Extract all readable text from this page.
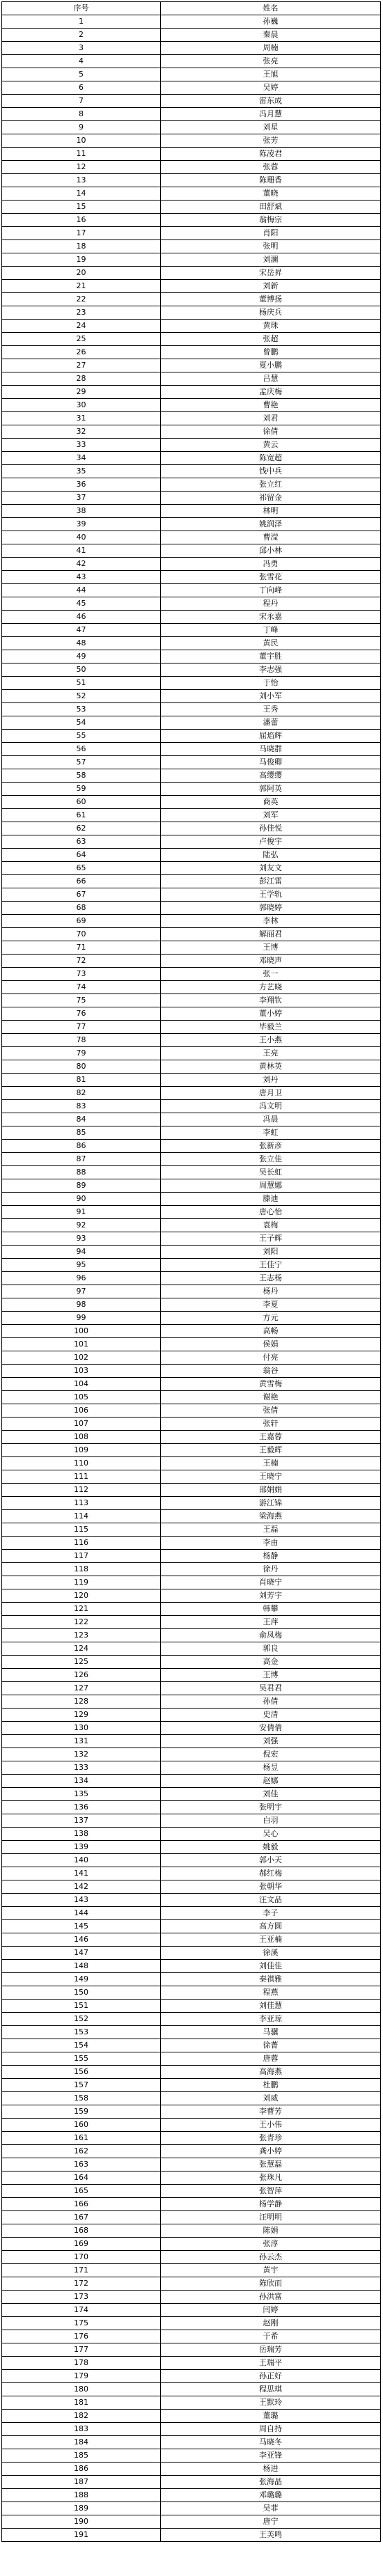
序号	姓名
1	孙巍
2	秦晨
3	周楠
4	张亮
5	王旭
6	吴婷
7	雷东成
8	冯月慧
9	刘星
10	张芳
11	陈凌君
12	张蓉
13	陈珊香
14	董晓
15	田舒斌
16	翁梅宗
17	肖阳
18	张明
19	刘澜
20	宋岳昇
21	刘新
22	董博扬
23	杨庆兵
24	黄珠
25	张超
26	曾鹏
27	夏小鹏
28	吕慧
29	孟庆梅
30	曹艳
31	刘君
32	徐倩
33	黄云
34	陈宽超
35	钱中兵
36	张立红
37	祁留金
38	林明
39	姚润泽
40	曹滢
41	邱小林
42	冯勇
43	张雪花
44	丁向峰
45	程丹
46	宋永嘉
47	丁峰
48	黄民
49	董宇胜
50	李志强
51	于怡
52	刘小军
53	王秀
54	潘蕾
55	屈焰辉
56	马晓群
57	马俊卿
58	高缨缨
59	郭阿英
60	商英
61	刘军
62	孙佳悦
63	卢俊宇
64	陆弘
65	刘友文
66	彭江雷
67	王学轨
68	郭晓婷
69	李林
70	解丽君
71	王博
72	邓晓声
73	张一
74	方艺晓
75	李翔钦
76	董小婷
77	毕毅兰
78	王小燕
79	王亮
80	黄林英
81	刘丹
82	唐月卫
83	冯文明
84	冯晨
85	李虹
86	张新彦
87	张立佳
88	吴长虹
89	周慧娜
90	滕迪
91	唐心怡
92	袁梅
93	王子辉
94	刘阳
95	王佳宁
96	王志杨
97	杨丹
98	李夏
99	方元
100	高畅
101	侯娟
102	付亮
103	翁谷
104	黄雪梅
105	谢艳
106	张倩
107	张轩
108	王嘉蓉
109	王毅辉
110	王楠
111	王晓宁
112	邵娟娟
113	游江锦
114	梁海燕
115	王磊
116	李由
117	杨静
118	徐丹
119	肖晓宁
120	刘芳宇
121	韩攀
122	王萍
123	俞凤梅
124	郭良
125	高金
126	王博
127	吴君君
128	孙倩
129	史清
130	安倩倩
131	刘强
132	倪宏
133	杨昱
134	赵娜
135	刘佳
136	张明宇
137	白羽
138	吴心
139	姚毅
140	郭小天
141	郝红梅
142	张朝华
143	汪文品
144	李子
145	高方圆
146	王亚楠
147	徐溪
148	刘佳佳
149	秦祺雅
150	程燕
151	刘佳慧
152	李亚琼
153	马骥
154	徐菁
155	唐蓉
156	高海燕
157	杜鹏
158	刘威
159	李曹芳
160	王小伟
161	张青珍
162	龚小婷
163	张慧磊
164	张珠凡
165	张智萍
166	杨学静
167	汪明明
168	陈娟
169	张淳
170	孙云杰
171	黄宇
172	陈欣而
173	孙洪富
174	闫婷
175	赵刚
176	于希
177	岳瑞芳
178	王瑞平
179	孙正好
180	程思琪
181	王默玲
182	董璐
183	周自持
184	马晓冬
185	李亚锋
186	杨进
187	张海晶
188	邓璐璐
189	吴菲
190	唐宁
191	王芙鸣
